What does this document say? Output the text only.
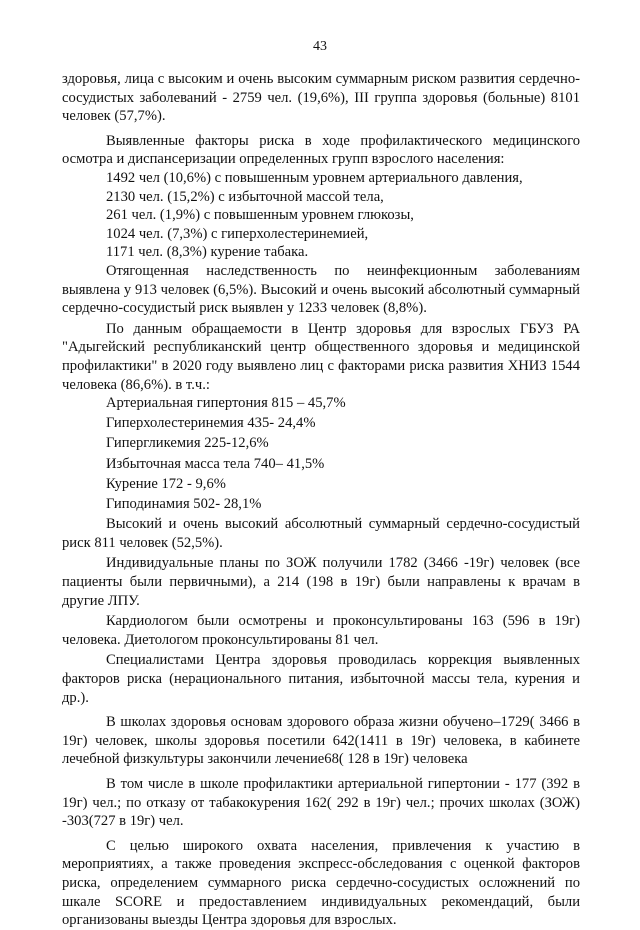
43

здоровья, лица с высоким и очень высоким суммарным риском развития сердечно-сосудистых заболеваний - 2759 чел. (19,6%), III группа здоровья (больные) 8101 человек (57,7%).

Выявленные факторы риска в ходе профилактического медицинского осмотра и диспансеризации определенных групп взрослого населения:

1492 чел (10,6%) с повышенным уровнем артериального давления,

2130 чел. (15,2%) с избыточной массой тела,

261 чел. (1,9%) с повышенным уровнем глюкозы,

1024 чел. (7,3%) с гиперхолестеринемией,

1171 чел. (8,3%) курение табака.

Отягощенная наследственность по неинфекционным заболеваниям выявлена у 913 человек (6,5%). Высокий и очень высокий абсолютный суммарный сердечно-сосудистый риск выявлен у 1233 человек (8,8%).

По данным обращаемости в Центр здоровья для взрослых ГБУЗ РА "Адыгейский республиканский центр общественного здоровья и медицинской профилактики" в 2020 году выявлено лиц с факторами риска развития ХНИЗ 1544 человека (86,6%). в т.ч.:

Артериальная гипертония 815 – 45,7%

Гиперхолестеринемия 435- 24,4%

Гипергликемия 225-12,6%

Избыточная масса тела 740– 41,5%

Курение 172 - 9,6%

Гиподинамия 502- 28,1%

Высокий и очень высокий абсолютный суммарный сердечно-сосудистый риск 811 человек (52,5%).

Индивидуальные планы по ЗОЖ получили 1782 (3466 -19г) человек (все пациенты были первичными), а 214 (198 в 19г) были направлены к врачам в другие ЛПУ.

Кардиологом были осмотрены и проконсультированы 163 (596 в 19г) человека. Диетологом проконсультированы 81 чел.

Специалистами Центра здоровья проводилась коррекция выявленных факторов риска (нерационального питания, избыточной массы тела, курения и др.).

В школах здоровья основам здорового образа жизни обучено–1729( 3466 в 19г) человек, школы здоровья посетили 642(1411 в 19г) человека, в кабинете лечебной физкультуры закончили лечение68( 128 в 19г) человека

В том числе в школе профилактики артериальной гипертонии - 177 (392 в 19г) чел.; по отказу от табакокурения 162( 292 в 19г) чел.; прочих школах (ЗОЖ) -303(727 в 19г) чел.

С целью широкого охвата населения, привлечения к участию в мероприятиях, а также проведения экспресс-обследования с оценкой факторов риска, определением суммарного риска сердечно-сосудистых осложнений по шкале SCORE и предоставлением индивидуальных рекомендаций, были организованы выезды Центра здоровья для взрослых.
